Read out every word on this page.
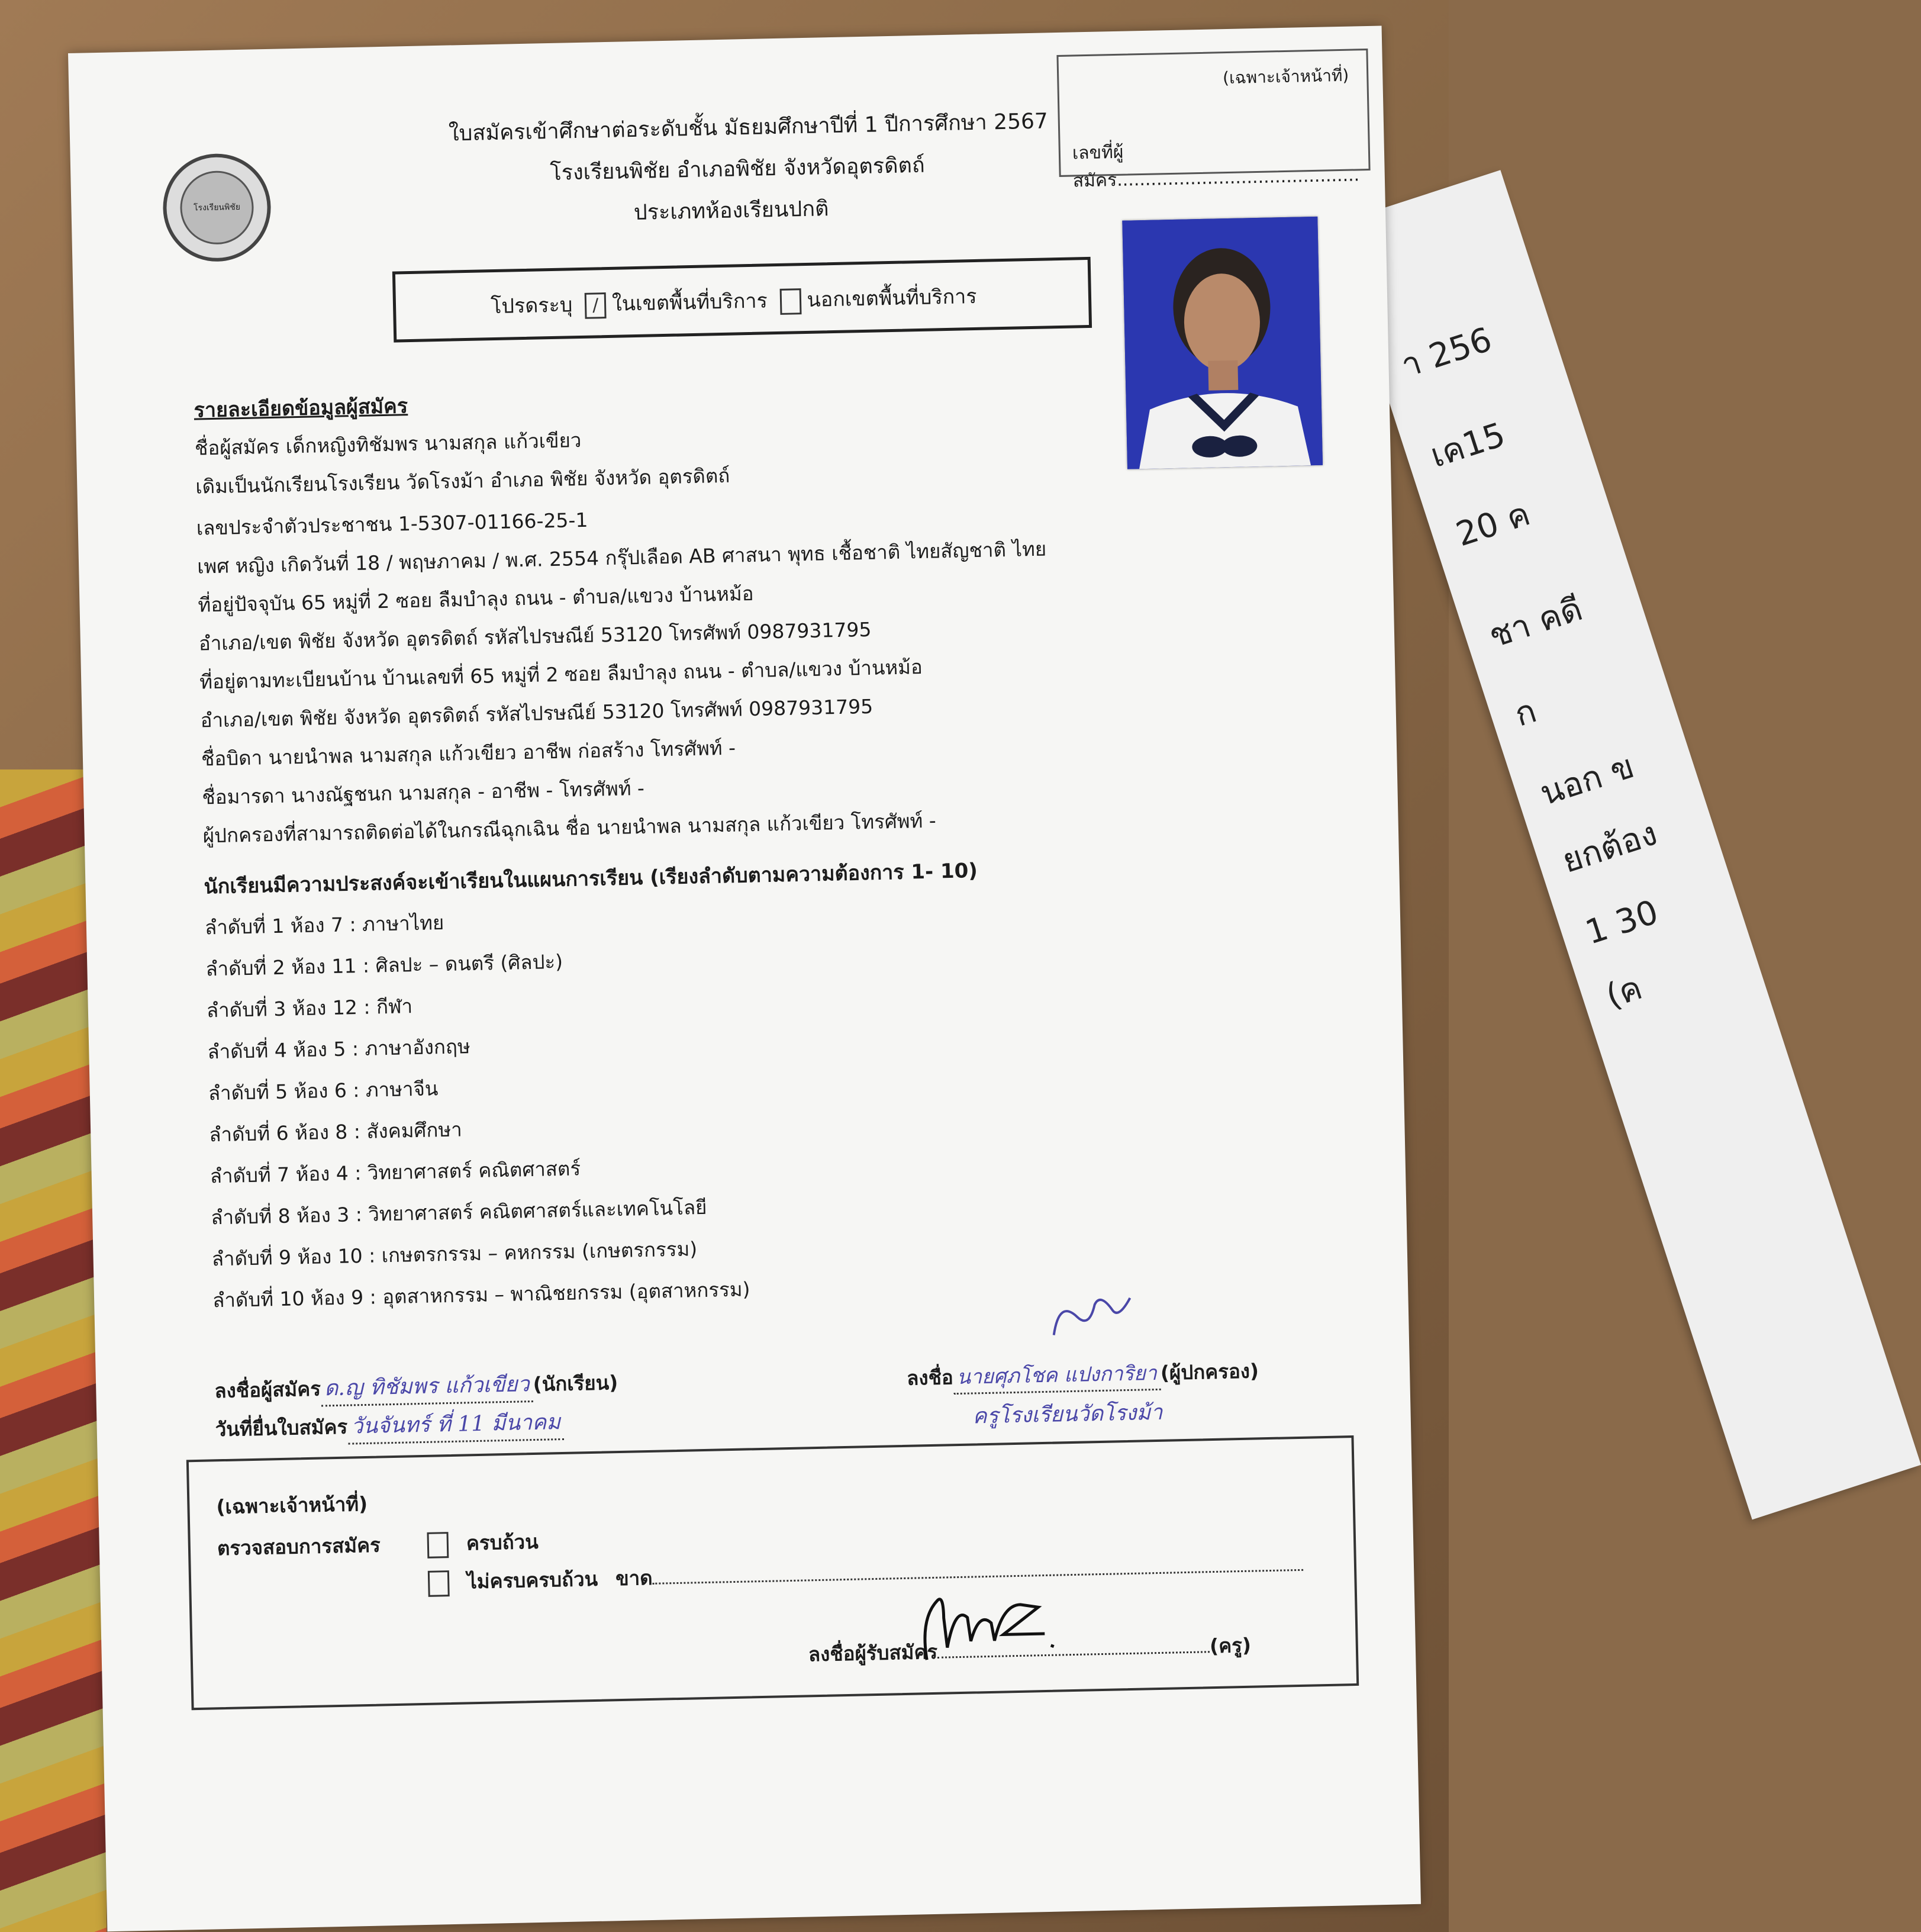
า 256
เค15
20 ค
ชา คดี
ก
นอก ข
ยกต้อง
1 30
(ค
(เฉพาะเจ้าหน้าที่)
เลขที่ผู้สมัคร...........................................
โรงเรียนพิชัย
ใบสมัครเข้าศึกษาต่อระดับชั้น มัธยมศึกษาปีที่ 1 ปีการศึกษา 2567
โรงเรียนพิชัย อำเภอพิชัย จังหวัดอุตรดิตถ์
ประเภทห้องเรียนปกติ
โปรดระบุ / ในเขตพื้นที่บริการ นอกเขตพื้นที่บริการ
รายละเอียดข้อมูลผู้สมัคร
ชื่อผู้สมัคร เด็กหญิงทิชัมพร นามสกุล แก้วเขียว
เดิมเป็นนักเรียนโรงเรียน วัดโรงม้า อำเภอ พิชัย จังหวัด อุตรดิตถ์
เลขประจำตัวประชาชน 1-5307-01166-25-1
เพศ หญิง เกิดวันที่ 18 / พฤษภาคม / พ.ศ. 2554 กรุ๊ปเลือด AB ศาสนา พุทธ เชื้อชาติ ไทยสัญชาติ ไทย
ที่อยู่ปัจจุบัน 65 หมู่ที่ 2 ซอย ลืมบำลุง ถนน - ตำบล/แขวง บ้านหม้อ
อำเภอ/เขต พิชัย จังหวัด อุตรดิตถ์ รหัสไปรษณีย์ 53120 โทรศัพท์ 0987931795
ที่อยู่ตามทะเบียนบ้าน บ้านเลขที่ 65 หมู่ที่ 2 ซอย ลืมบำลุง ถนน - ตำบล/แขวง บ้านหม้อ
อำเภอ/เขต พิชัย จังหวัด อุตรดิตถ์ รหัสไปรษณีย์ 53120 โทรศัพท์ 0987931795
ชื่อบิดา นายนำพล นามสกุล แก้วเขียว อาชีพ ก่อสร้าง โทรศัพท์ -
ชื่อมารดา นางณัฐชนก นามสกุล - อาชีพ - โทรศัพท์ -
ผู้ปกครองที่สามารถติดต่อได้ในกรณีฉุกเฉิน ชื่อ นายนำพล นามสกุล แก้วเขียว โทรศัพท์ -
นักเรียนมีความประสงค์จะเข้าเรียนในแผนการเรียน (เรียงลำดับตามความต้องการ 1- 10)
ลำดับที่ 1 ห้อง 7 : ภาษาไทย
ลำดับที่ 2 ห้อง 11 : ศิลปะ – ดนตรี (ศิลปะ)
ลำดับที่ 3 ห้อง 12 : กีฬา
ลำดับที่ 4 ห้อง 5 : ภาษาอังกฤษ
ลำดับที่ 5 ห้อง 6 : ภาษาจีน
ลำดับที่ 6 ห้อง 8 : สังคมศึกษา
ลำดับที่ 7 ห้อง 4 : วิทยาศาสตร์ คณิตศาสตร์
ลำดับที่ 8 ห้อง 3 : วิทยาศาสตร์ คณิตศาสตร์และเทคโนโลยี
ลำดับที่ 9 ห้อง 10 : เกษตรกรรม – คหกรรม (เกษตรกรรม)
ลำดับที่ 10 ห้อง 9 : อุตสาหกรรม – พาณิชยกรรม (อุตสาหกรรม)
ลงชื่อผู้สมัคร ด.ญ ทิชัมพร แก้วเขียว (นักเรียน)
วันที่ยื่นใบสมัคร วันจันทร์ ที่ 11 มีนาคม
ลงชื่อ นายศุภโชค แปงการิยา (ผู้ปกครอง)
ครูโรงเรียนวัดโรงม้า
(เฉพาะเจ้าหน้าที่)
ตรวจสอบการสมัคร	ครบถ้วน
ไม่ครบครบถ้วน ขาด
ลงชื่อผู้รับสมัคร	(ครู)
